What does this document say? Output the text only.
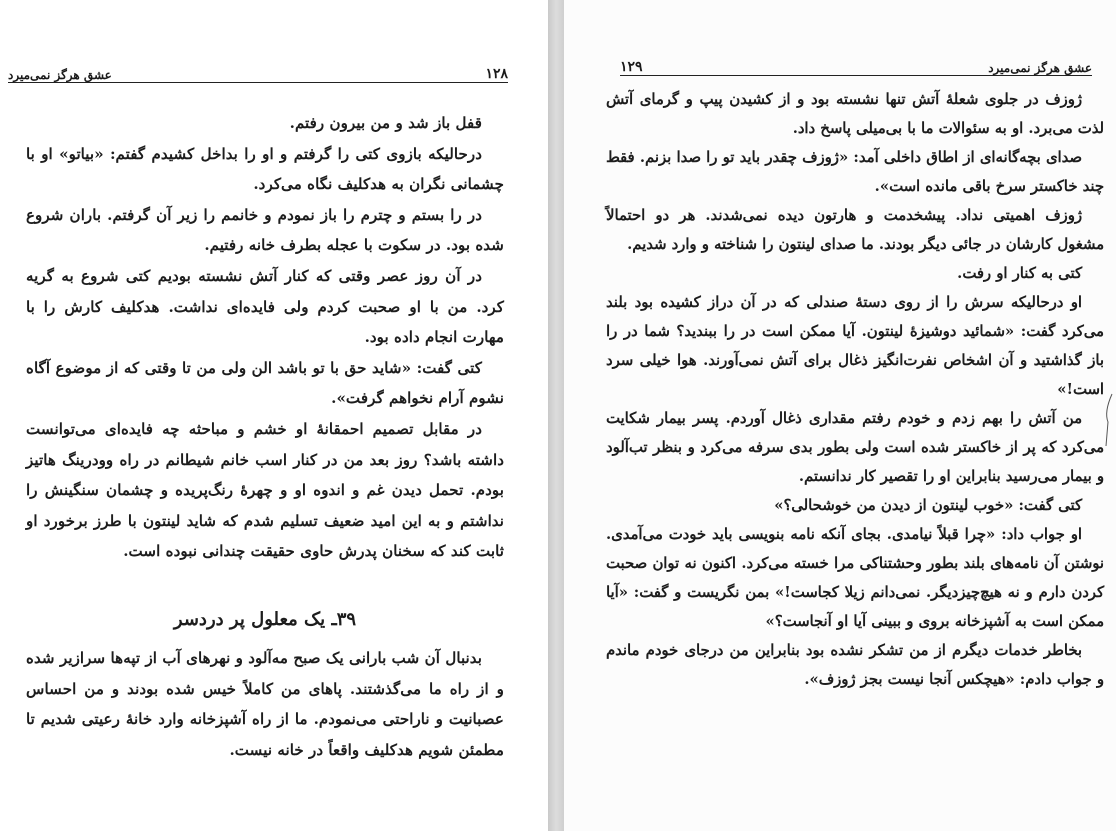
عشق هرگز نمی‌میرد	۱۲۸

قفل باز شد و من بیرون رفتم.

درحالیکه بازوی کتی را گرفتم و او را بداخل کشیدم گفتم: «بیاتو» او با چشمانی نگران به هدکلیف نگاه می‌کرد.

در را بستم و چترم را باز نمودم و خانمم را زیر آن گرفتم. باران شروع شده بود. در سکوت با عجله بطرف خانه رفتیم.

در آن روز عصر وقتی که کنار آتش نشسته بودیم کتی شروع به گریه کرد. من با او صحبت کردم ولی فایده‌ای نداشت. هدکلیف کارش را با مهارت انجام داده بود.

کتی گفت: «شاید حق با تو باشد الن ولی من تا وقتی که از موضوع آگاه نشوم آرام نخواهم گرفت».

در مقابل تصمیم احمقانهٔ او خشم و مباحثه چه فایده‌ای می‌توانست داشته باشد؟ روز بعد من در کنار اسب خانم شیطانم در راه وودرینگ هاتیز بودم. تحمل دیدن غم و اندوه او و چهرهٔ رنگ‌پریده و چشمان سنگینش را نداشتم و به این امید ضعیف تسلیم شدم که شاید لینتون با طرز برخورد او ثابت کند که سخنان پدرش حاوی حقیقت چندانی نبوده است.

۳۹ـ یک معلول پر دردسر

بدنبال آن شب بارانی یک صبح مه‌آلود و نهرهای آب از تپه‌ها سرازیر شده و از راه ما می‌گذشتند. پاهای من کاملاً خیس شده بودند و من احساس عصبانیت و ناراحتی می‌نمودم. ما از راه آشپزخانه وارد خانهٔ رعیتی شدیم تا مطمئن شویم هدکلیف واقعاً در خانه نیست.

۱۲۹	عشق هرگز نمی‌میرد

ژوزف در جلوی شعلهٔ آتش تنها نشسته بود و از کشیدن پیپ و گرمای آتش لذت می‌برد. او به سئوالات ما با بی‌میلی پاسخ داد.

صدای بچه‌گانه‌ای از اطاق داخلی آمد: «ژوزف چقدر باید تو را صدا بزنم. فقط چند خاکستر سرخ باقی مانده است».

ژوزف اهمیتی نداد. پیشخدمت و هارتون دیده نمی‌شدند. هر دو احتمالاً مشغول کارشان در جائی دیگر بودند. ما صدای لینتون را شناخته و وارد شدیم.

کتی به کنار او رفت.

او درحالیکه سرش را از روی دستهٔ صندلی که در آن دراز کشیده بود بلند می‌کرد گفت: «شمائید دوشیزهٔ لینتون. آیا ممکن است در را ببندید؟ شما در را باز گذاشتید و آن اشخاص نفرت‌انگیز ذغال برای آتش نمی‌آورند. هوا خیلی سرد است!»

من آتش را بهم زدم و خودم رفتم مقداری ذغال آوردم. پسر بیمار شکایت می‌کرد که پر از خاکستر شده است ولی بطور بدی سرفه می‌کرد و بنظر تب‌آلود و بیمار می‌رسید بنابراین او را تقصیر کار ندانستم.

کتی گفت: «خوب لینتون از دیدن من خوشحالی؟»

او جواب داد: «چرا قبلاً نیامدی. بجای آنکه نامه بنویسی باید خودت می‌آمدی. نوشتن آن نامه‌های بلند بطور وحشتناکی مرا خسته می‌کرد. اکنون نه توان صحبت کردن دارم و نه هیچ‌چیزدیگر. نمی‌دانم زیلا کجاست!» بمن نگریست و گفت: «آیا ممکن است به آشپزخانه بروی و ببینی آیا او آنجاست؟»

بخاطر خدمات دیگرم از من تشکر نشده بود بنابراین من درجای خودم ماندم و جواب دادم: «هیچکس آنجا نیست بجز ژوزف».
